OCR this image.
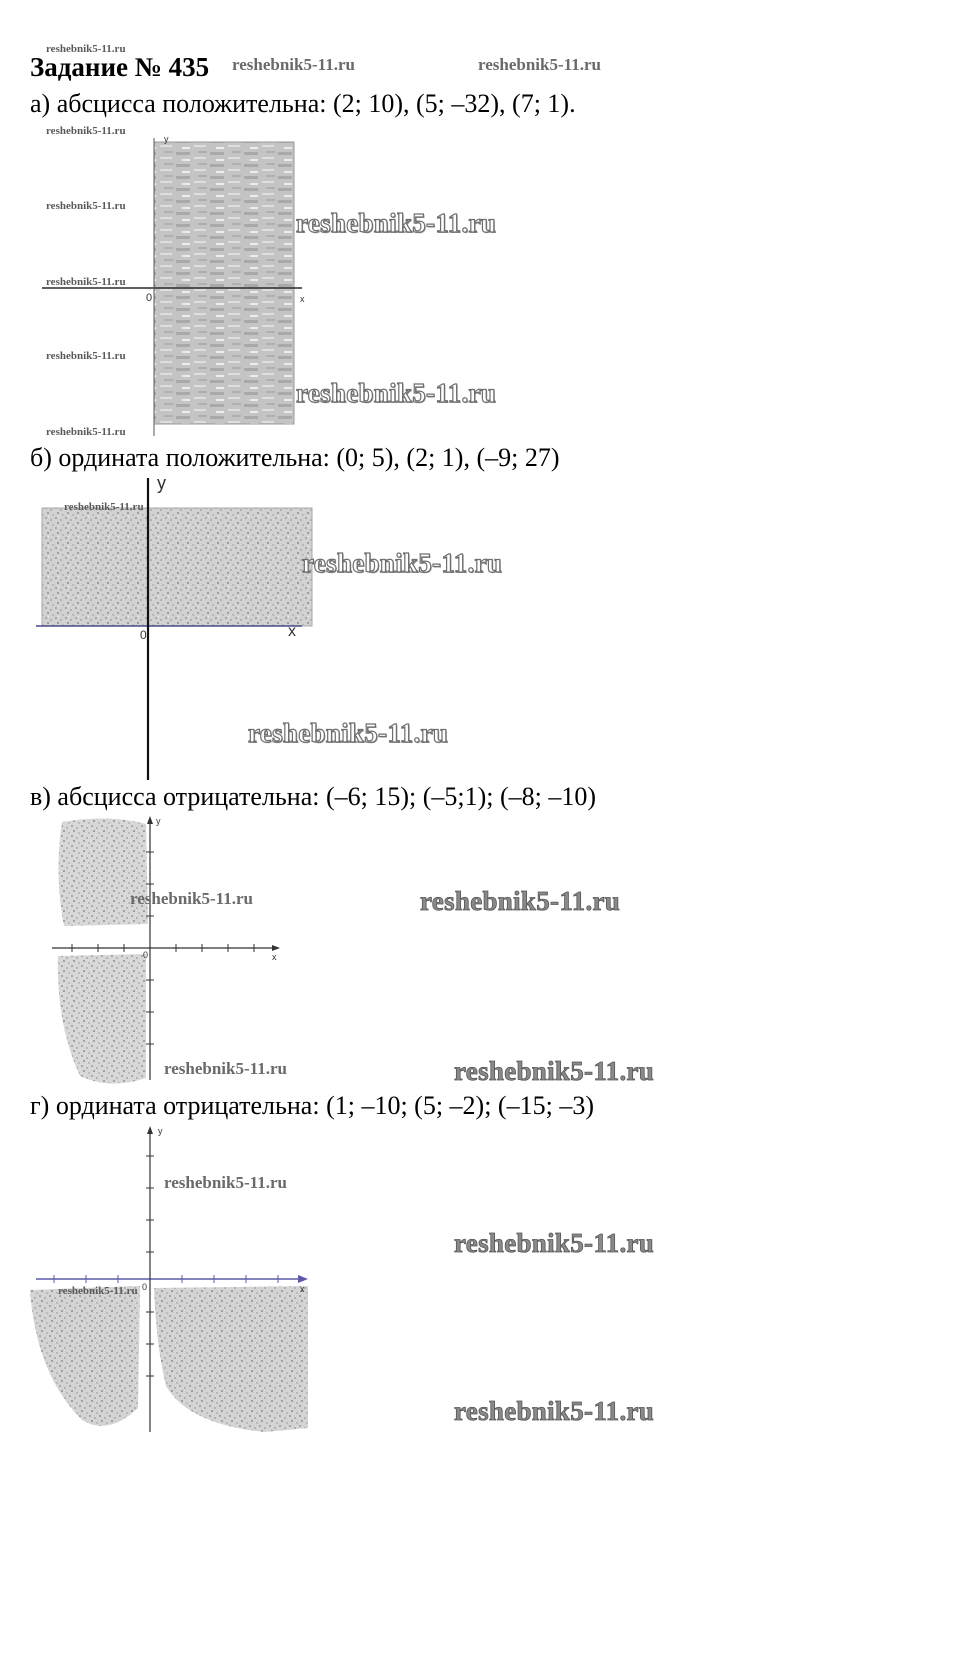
reshebnik5-11.ru
Задание № 435 reshebnik5-11.ru	reshebnik5-11.ru
а) абсцисса положительна: (2; 10), (5; –32), (7; 1).
0	x
y
reshebnik5-11.ru
reshebnik5-11.ru
reshebnik5-11.ru
reshebnik5-11.ru
reshebnik5-11.ru
reshebnik5-11.ru
reshebnik5-11.ru
б) ордината положительна: (0; 5), (2; 1), (–9; 27)
y
0	x
reshebnik5-11.ru
reshebnik5-11.ru
reshebnik5-11.ru
в) абсцисса отрицательна: (–6; 15); (–5;1); (–8; –10)
0	x
y
reshebnik5-11.ru	reshebnik5-11.ru
reshebnik5-11.ru	reshebnik5-11.ru
г) ордината отрицательна: (1; –10; (5; –2); (–15; –3)
0	x
y
reshebnik5-11.ru
reshebnik5-11.ru
reshebnik5-11.ru
reshebnik5-11.ru
